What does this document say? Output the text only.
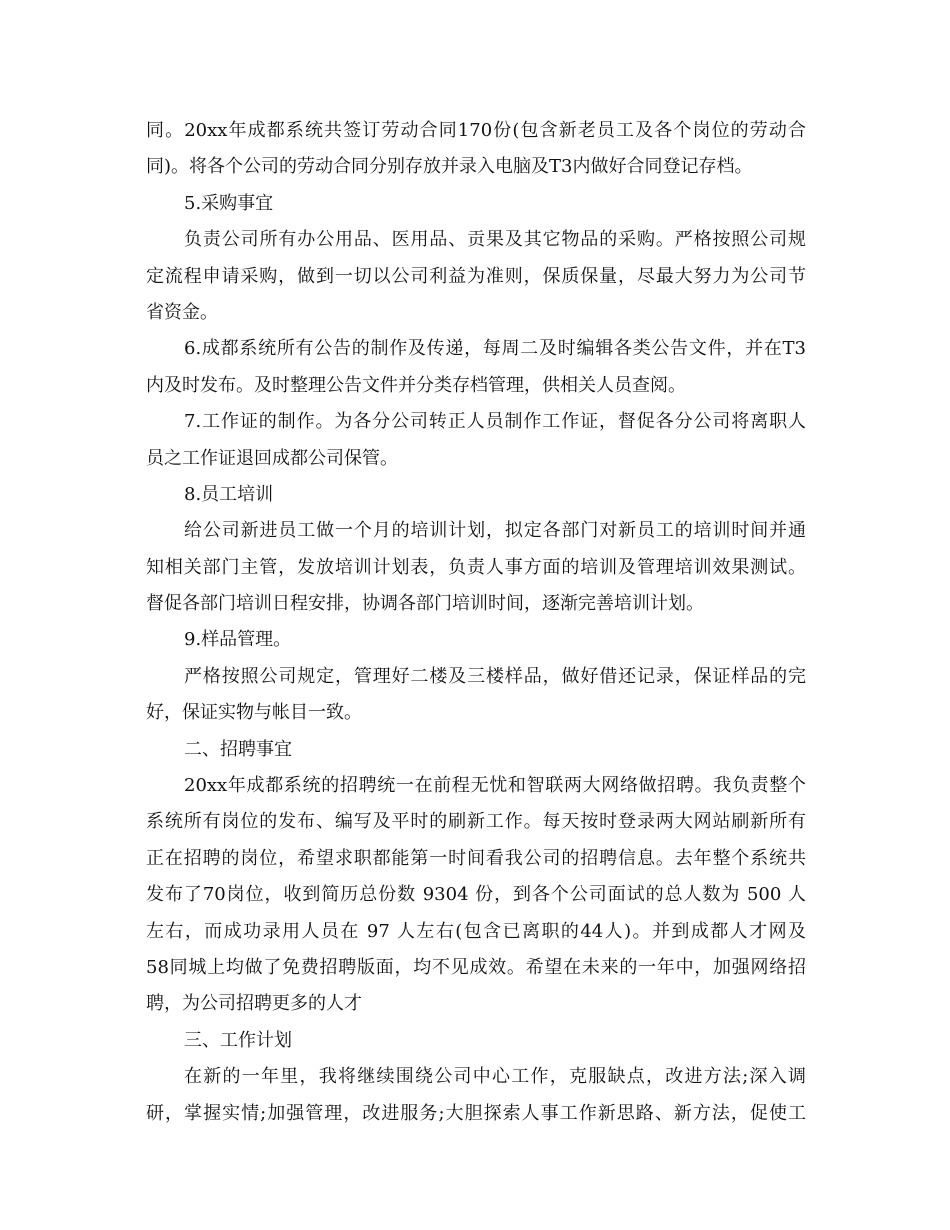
同。20xx年成都系统共签订劳动合同170份(包含新老员工及各个岗位的劳动合
同)。将各个公司的劳动合同分别存放并录入电脑及T3内做好合同登记存档。
5.采购事宜
负责公司所有办公用品、医用品、贡果及其它物品的采购。严格按照公司规
定流程申请采购，做到一切以公司利益为准则，保质保量，尽最大努力为公司节
省资金。
6.成都系统所有公告的制作及传递，每周二及时编辑各类公告文件，并在T3
内及时发布。及时整理公告文件并分类存档管理，供相关人员查阅。
7.工作证的制作。为各分公司转正人员制作工作证，督促各分公司将离职人
员之工作证退回成都公司保管。
8.员工培训
给公司新进员工做一个月的培训计划，拟定各部门对新员工的培训时间并通
知相关部门主管，发放培训计划表，负责人事方面的培训及管理培训效果测试。
督促各部门培训日程安排，协调各部门培训时间，逐渐完善培训计划。
9.样品管理。
严格按照公司规定，管理好二楼及三楼样品，做好借还记录，保证样品的完
好，保证实物与帐目一致。
二、招聘事宜
20xx年成都系统的招聘统一在前程无忧和智联两大网络做招聘。我负责整个
系统所有岗位的发布、编写及平时的刷新工作。每天按时登录两大网站刷新所有
正在招聘的岗位，希望求职都能第一时间看我公司的招聘信息。去年整个系统共
发布了70岗位，收到简历总份数 9304 份，到各个公司面试的总人数为 500 人
左右，而成功录用人员在 97 人左右(包含已离职的44人)。并到成都人才网及
58同城上均做了免费招聘版面，均不见成效。希望在未来的一年中，加强网络招
聘，为公司招聘更多的人才
三、工作计划
在新的一年里，我将继续围绕公司中心工作，克服缺点，改进方法;深入调
研，掌握实情;加强管理，改进服务;大胆探索人事工作新思路、新方法，促使工
